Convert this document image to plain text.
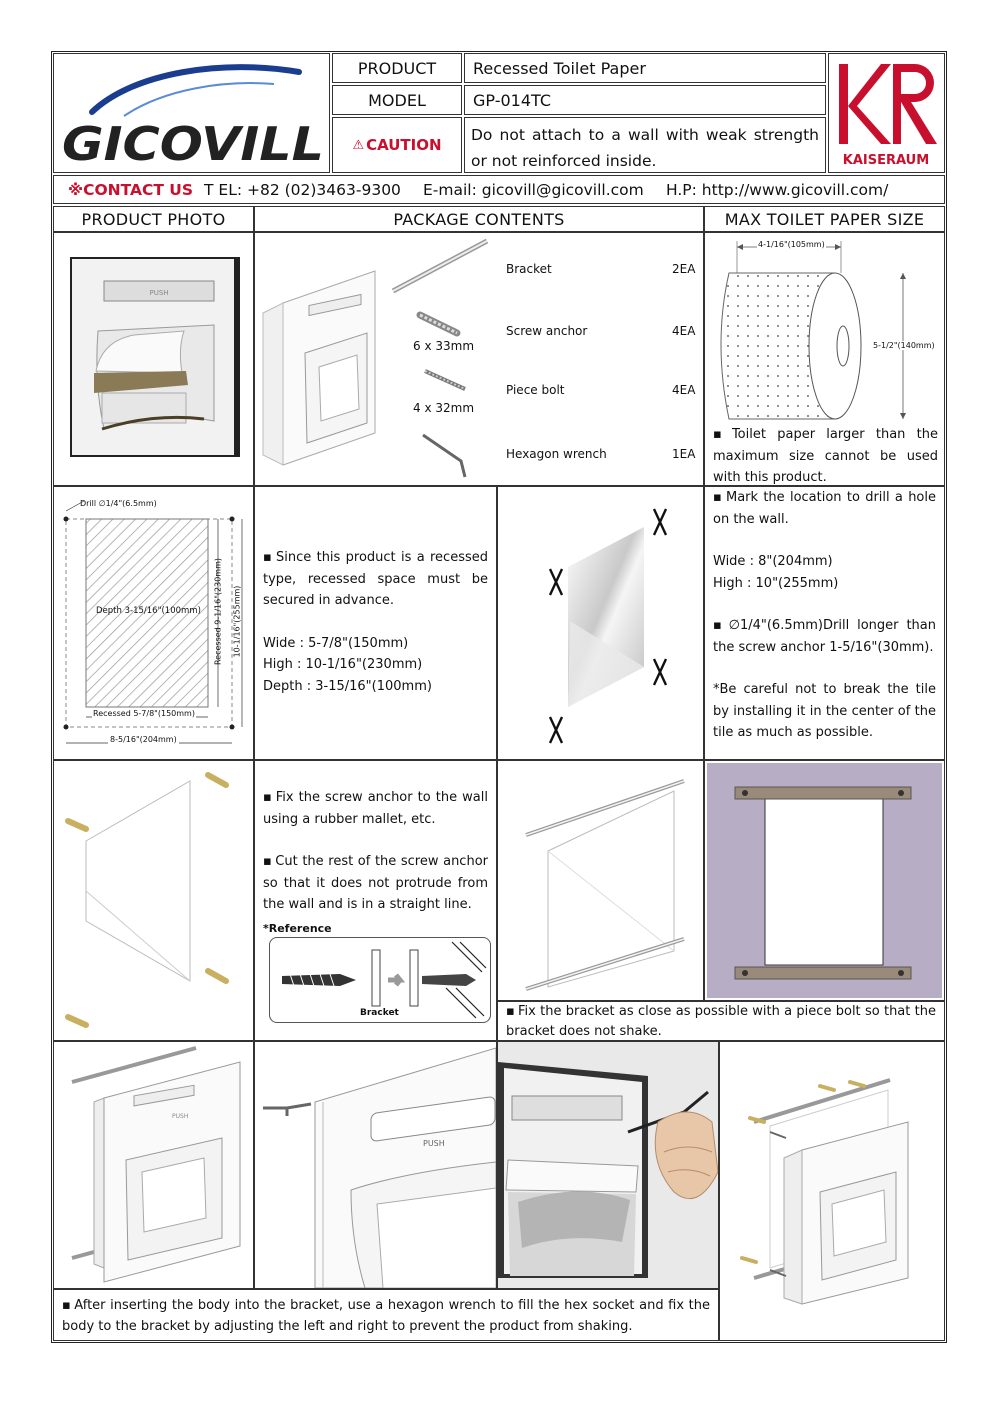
GICOVILL
PRODUCT	Recessed Toilet Paper
MODEL	GP-014TC
⚠ CAUTION
Do not attach to a wall with weak strength or not reinforced inside.	KAISERAUM
※CONTACT US T EL: +82 (02)3463-9300	E-mail: gicovill@gicovill.com	H.P: http://www.gicovill.com/
PRODUCT PHOTO	PACKAGE CONTENTS	MAX TOILET PAPER SIZE
PUSH
6 x 33mm
4 x 32mm
Bracket	2EA
Screw anchor	4EA
Piece bolt	4EA
Hexagon wrench	1EA
4-1/16"(105mm)
5-1/2"(140mm)
▪ Toilet paper larger than the maximum size cannot be used with this product.
Drill ∅1/4"(6.5mm)
Depth 3-15/16"(100mm) Recessed 9-1/16"(230mm) 10-1/16"(255mm)
Recessed 5-7/8"(150mm)
8-5/16"(204mm)
▪ Since this product is a recessed type, recessed space must be secured in advance.
Wide : 5-7/8"(150mm)
High : 10-1/16"(230mm)
Depth : 3-15/16"(100mm)
▪ Mark the location to drill a hole on the wall.
Wide : 8"(204mm)
High : 10"(255mm)
▪ ∅1/4"(6.5mm)Drill longer than the screw anchor 1-5/16"(30mm).
*Be careful not to break the tile by installing it in the center of the tile as much as possible.
▪ Fix the screw anchor to the wall using a rubber mallet, etc.
▪ Cut the rest of the screw anchor so that it does not protrude from the wall and is in a straight line.
*Reference
Bracket
▪	Fix the bracket as close as possible with a piece bolt so that the bracket does not shake.
PUSH
PUSH
▪ After inserting the body into the bracket, use a hexagon wrench to fill the hex socket and fix the body to the bracket by adjusting the left and right to prevent the product from shaking.
